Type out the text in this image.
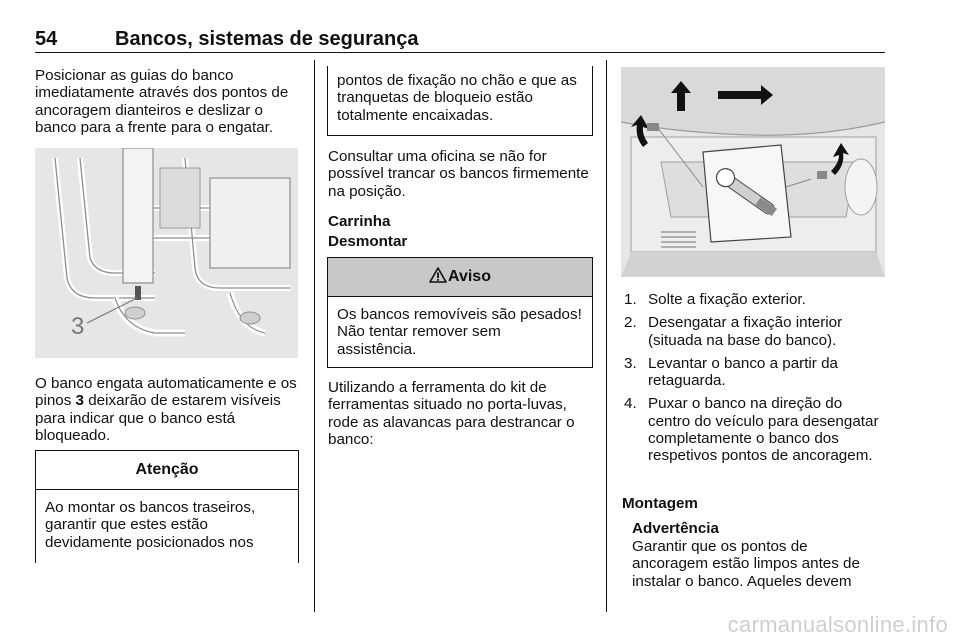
54	Bancos, sistemas de segurança

Posicionar as guias do banco imediatamente através dos pontos de ancoragem dianteiros e deslizar o banco para a frente para o engatar.

3

O banco engata automaticamente e os pinos 3 deixarão de estarem visíveis para indicar que o banco está bloqueado.

Atenção

Ao montar os bancos traseiros, garantir que estes estão devidamente posicionados nos

pontos de fixação no chão e que as tranquetas de bloqueio estão totalmente encaixadas.

Consultar uma oficina se não for possível trancar os bancos firmemente na posição.

Carrinha

Desmontar

Aviso

Os bancos removíveis são pesados! Não tentar remover sem assistência.

Utilizando a ferramenta do kit de ferramentas situado no porta-luvas, rode as alavancas para destrancar o banco:

1. Solte a fixação exterior.
2. Desengatar a fixação interior (situada na base do banco).
3. Levantar o banco a partir da retaguarda.
4. Puxar o banco na direção do centro do veículo para desengatar completamente o banco dos respetivos pontos de ancoragem.

Montagem

Advertência

Garantir que os pontos de ancoragem estão limpos antes de instalar o banco. Aqueles devem

carmanualsonline.info
